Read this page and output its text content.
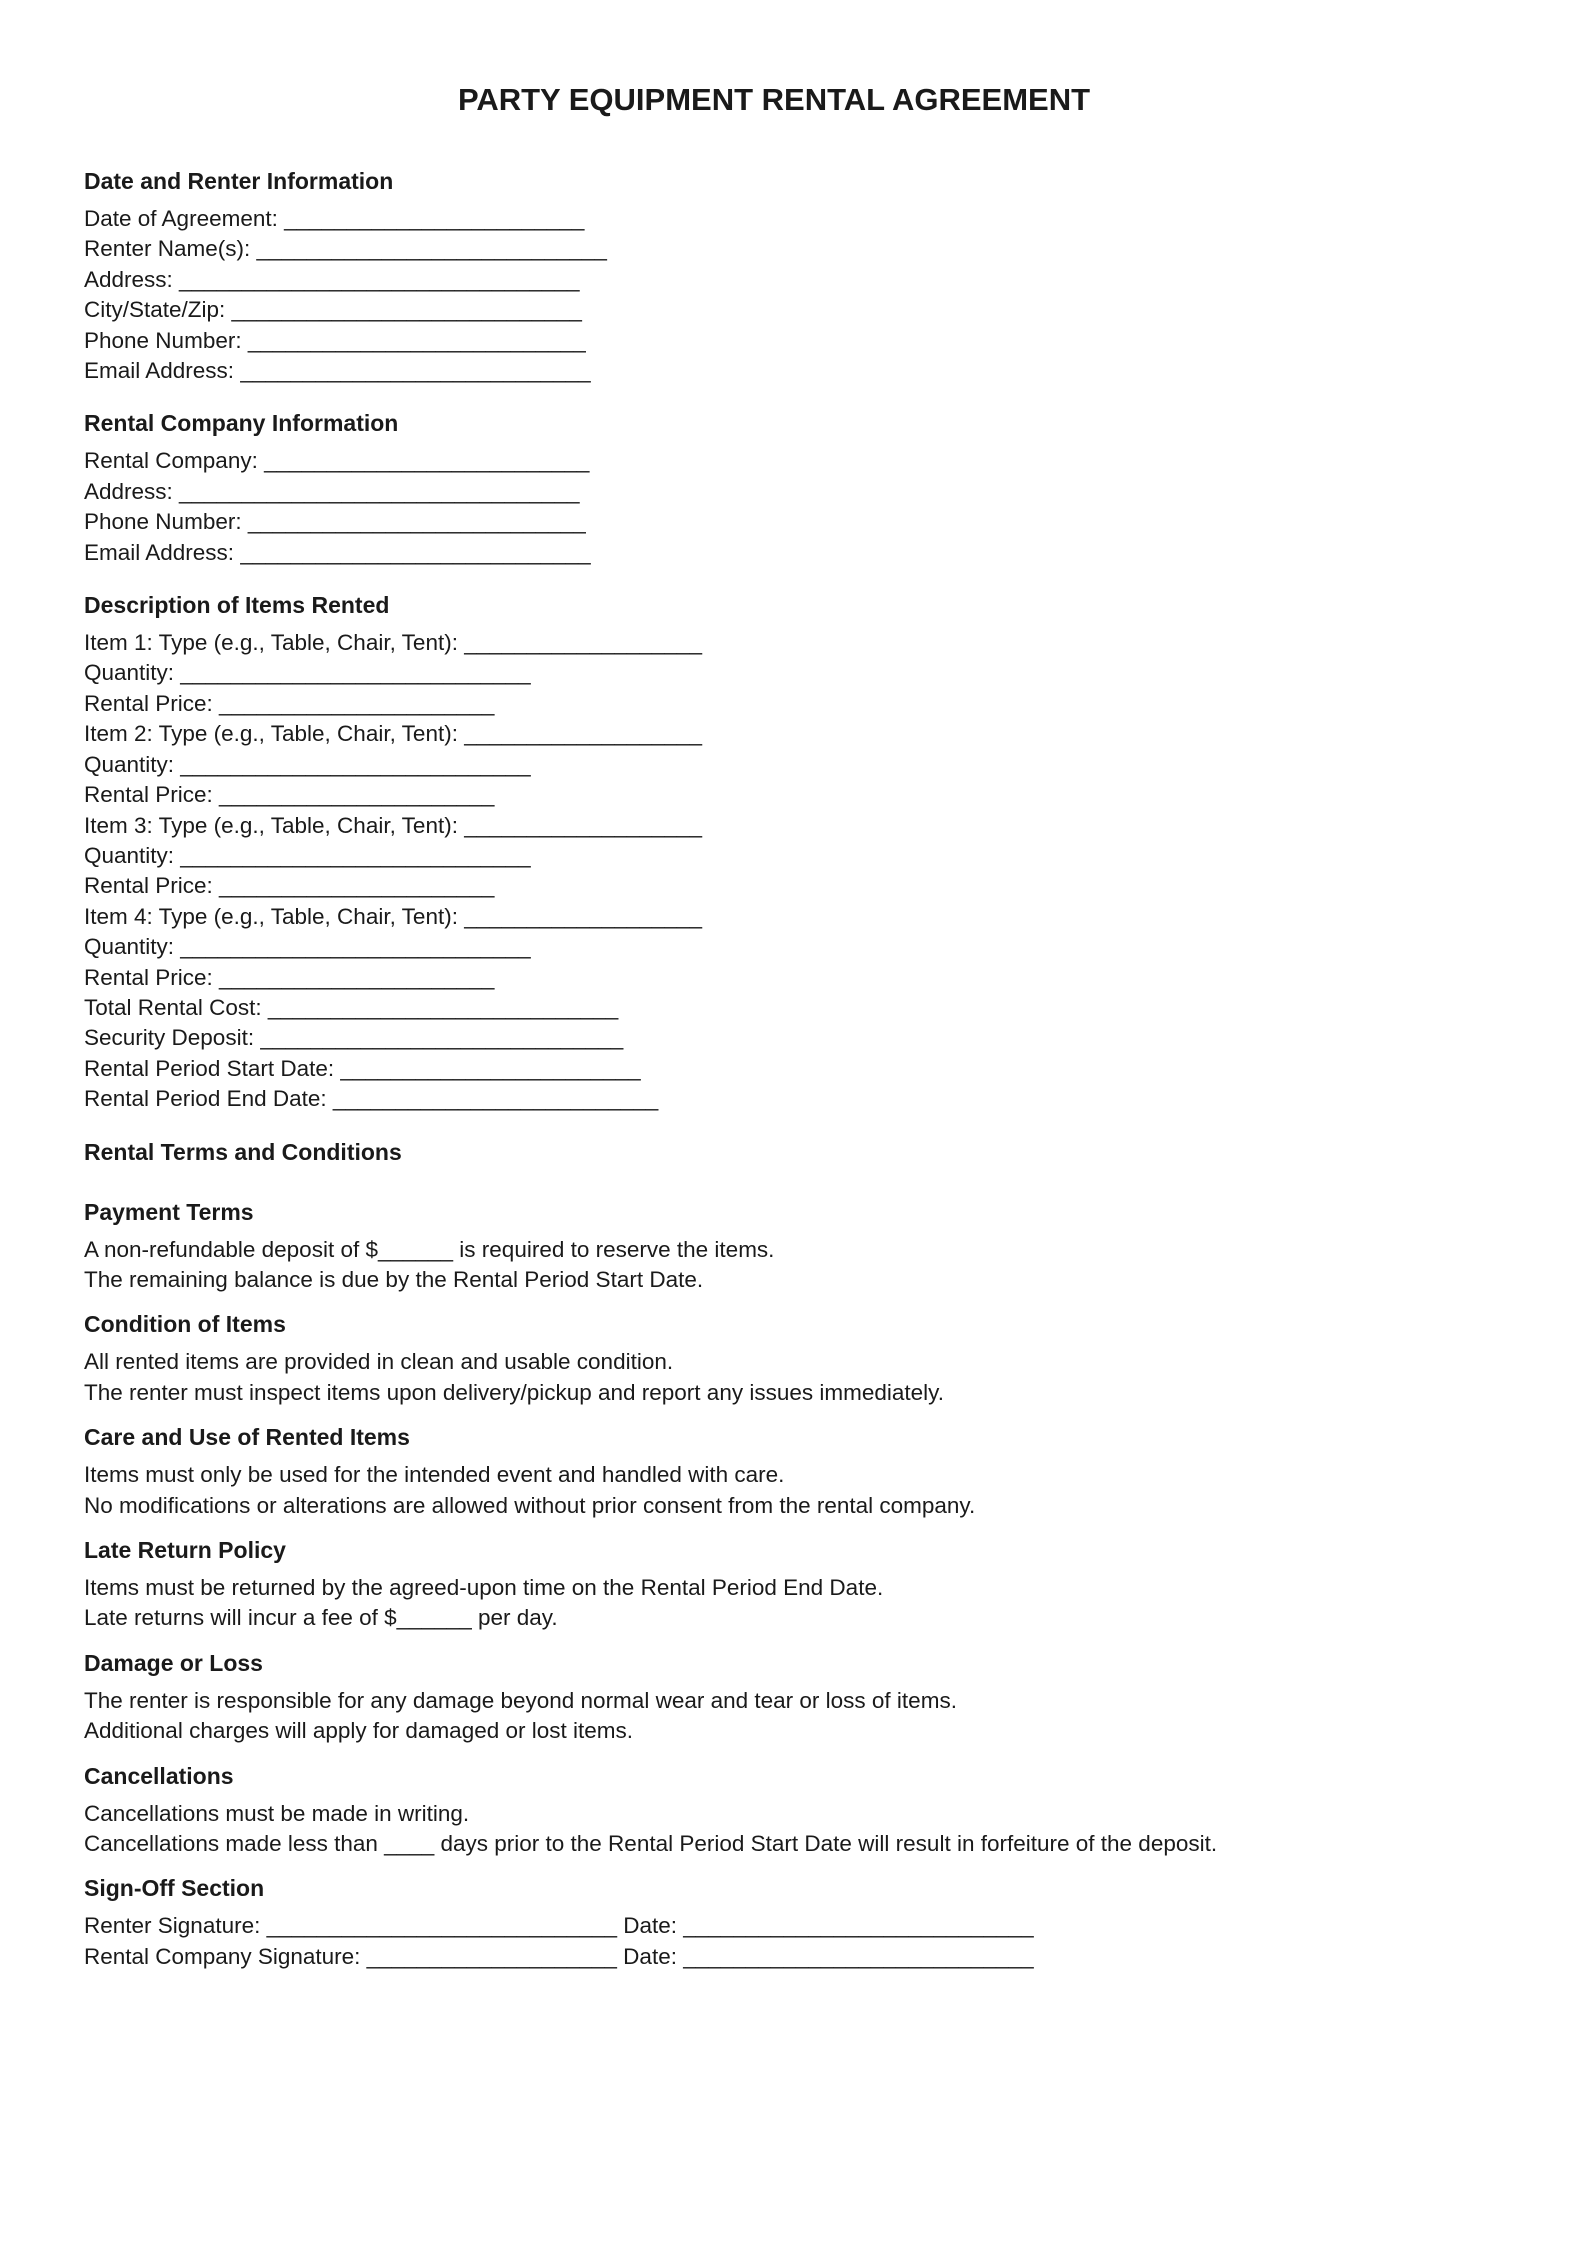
PARTY EQUIPMENT RENTAL AGREEMENT
Date and Renter Information
Date of Agreement: ________________________
Renter Name(s): ____________________________
Address: ________________________________
City/State/Zip: ____________________________
Phone Number: ___________________________
Email Address: ____________________________
Rental Company Information
Rental Company: __________________________
Address: ________________________________
Phone Number: ___________________________
Email Address: ____________________________
Description of Items Rented
Item 1: Type (e.g., Table, Chair, Tent): ___________________
Quantity: ____________________________
Rental Price: ______________________
Item 2: Type (e.g., Table, Chair, Tent): ___________________
Quantity: ____________________________
Rental Price: ______________________
Item 3: Type (e.g., Table, Chair, Tent): ___________________
Quantity: ____________________________
Rental Price: ______________________
Item 4: Type (e.g., Table, Chair, Tent): ___________________
Quantity: ____________________________
Rental Price: ______________________
Total Rental Cost: ____________________________
Security Deposit: _____________________________
Rental Period Start Date: ________________________
Rental Period End Date: __________________________
Rental Terms and Conditions
Payment Terms
A non-refundable deposit of $______ is required to reserve the items.
The remaining balance is due by the Rental Period Start Date.
Condition of Items
All rented items are provided in clean and usable condition.
The renter must inspect items upon delivery/pickup and report any issues immediately.
Care and Use of Rented Items
Items must only be used for the intended event and handled with care.
No modifications or alterations are allowed without prior consent from the rental company.
Late Return Policy
Items must be returned by the agreed-upon time on the Rental Period End Date.
Late returns will incur a fee of $______ per day.
Damage or Loss
The renter is responsible for any damage beyond normal wear and tear or loss of items.
Additional charges will apply for damaged or lost items.
Cancellations
Cancellations must be made in writing.
Cancellations made less than ____ days prior to the Rental Period Start Date will result in forfeiture of the deposit.
Sign-Off Section
Renter Signature: ____________________________ Date: ____________________________
Rental Company Signature: ____________________ Date: ____________________________
